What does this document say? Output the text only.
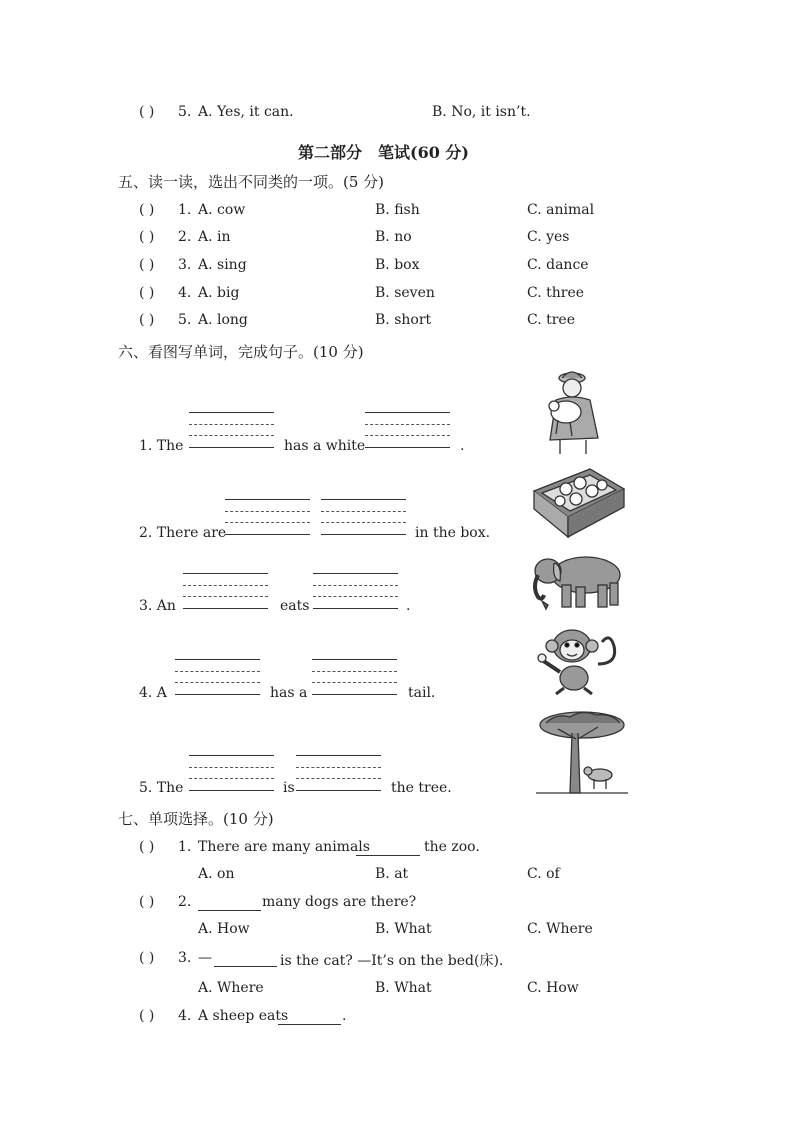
( ) 5. A. Yes, it can.	B. No, it isn’t.
第二部分　笔试(60 分)
五、读一读，选出不同类的一项。(5 分)
( ) 1. A. cow	B. fish	C. animal
( ) 2. A. in	B. no	C. yes
( ) 3. A. sing	B. box	C. dance
( ) 4. A. big	B. seven	C. three
( ) 5. A. long	B. short	C. tree
六、看图写单词，完成句子。(10 分)
1. The	has a white	.
2. There are	in the box.
3. An	eats	.
4. A	has a	tail.
5. The	is	the tree.
七、单项选择。(10 分)
( ) 1. There are many animals	the zoo.
A. on	B. at	C. of
( ) 2.	many dogs are there?
A. How	B. What	C. Where
( ) 3. —	is the cat? —It’s on the bed(床).
A. Where	B. What	C. How
( ) 4. A sheep eats	.
